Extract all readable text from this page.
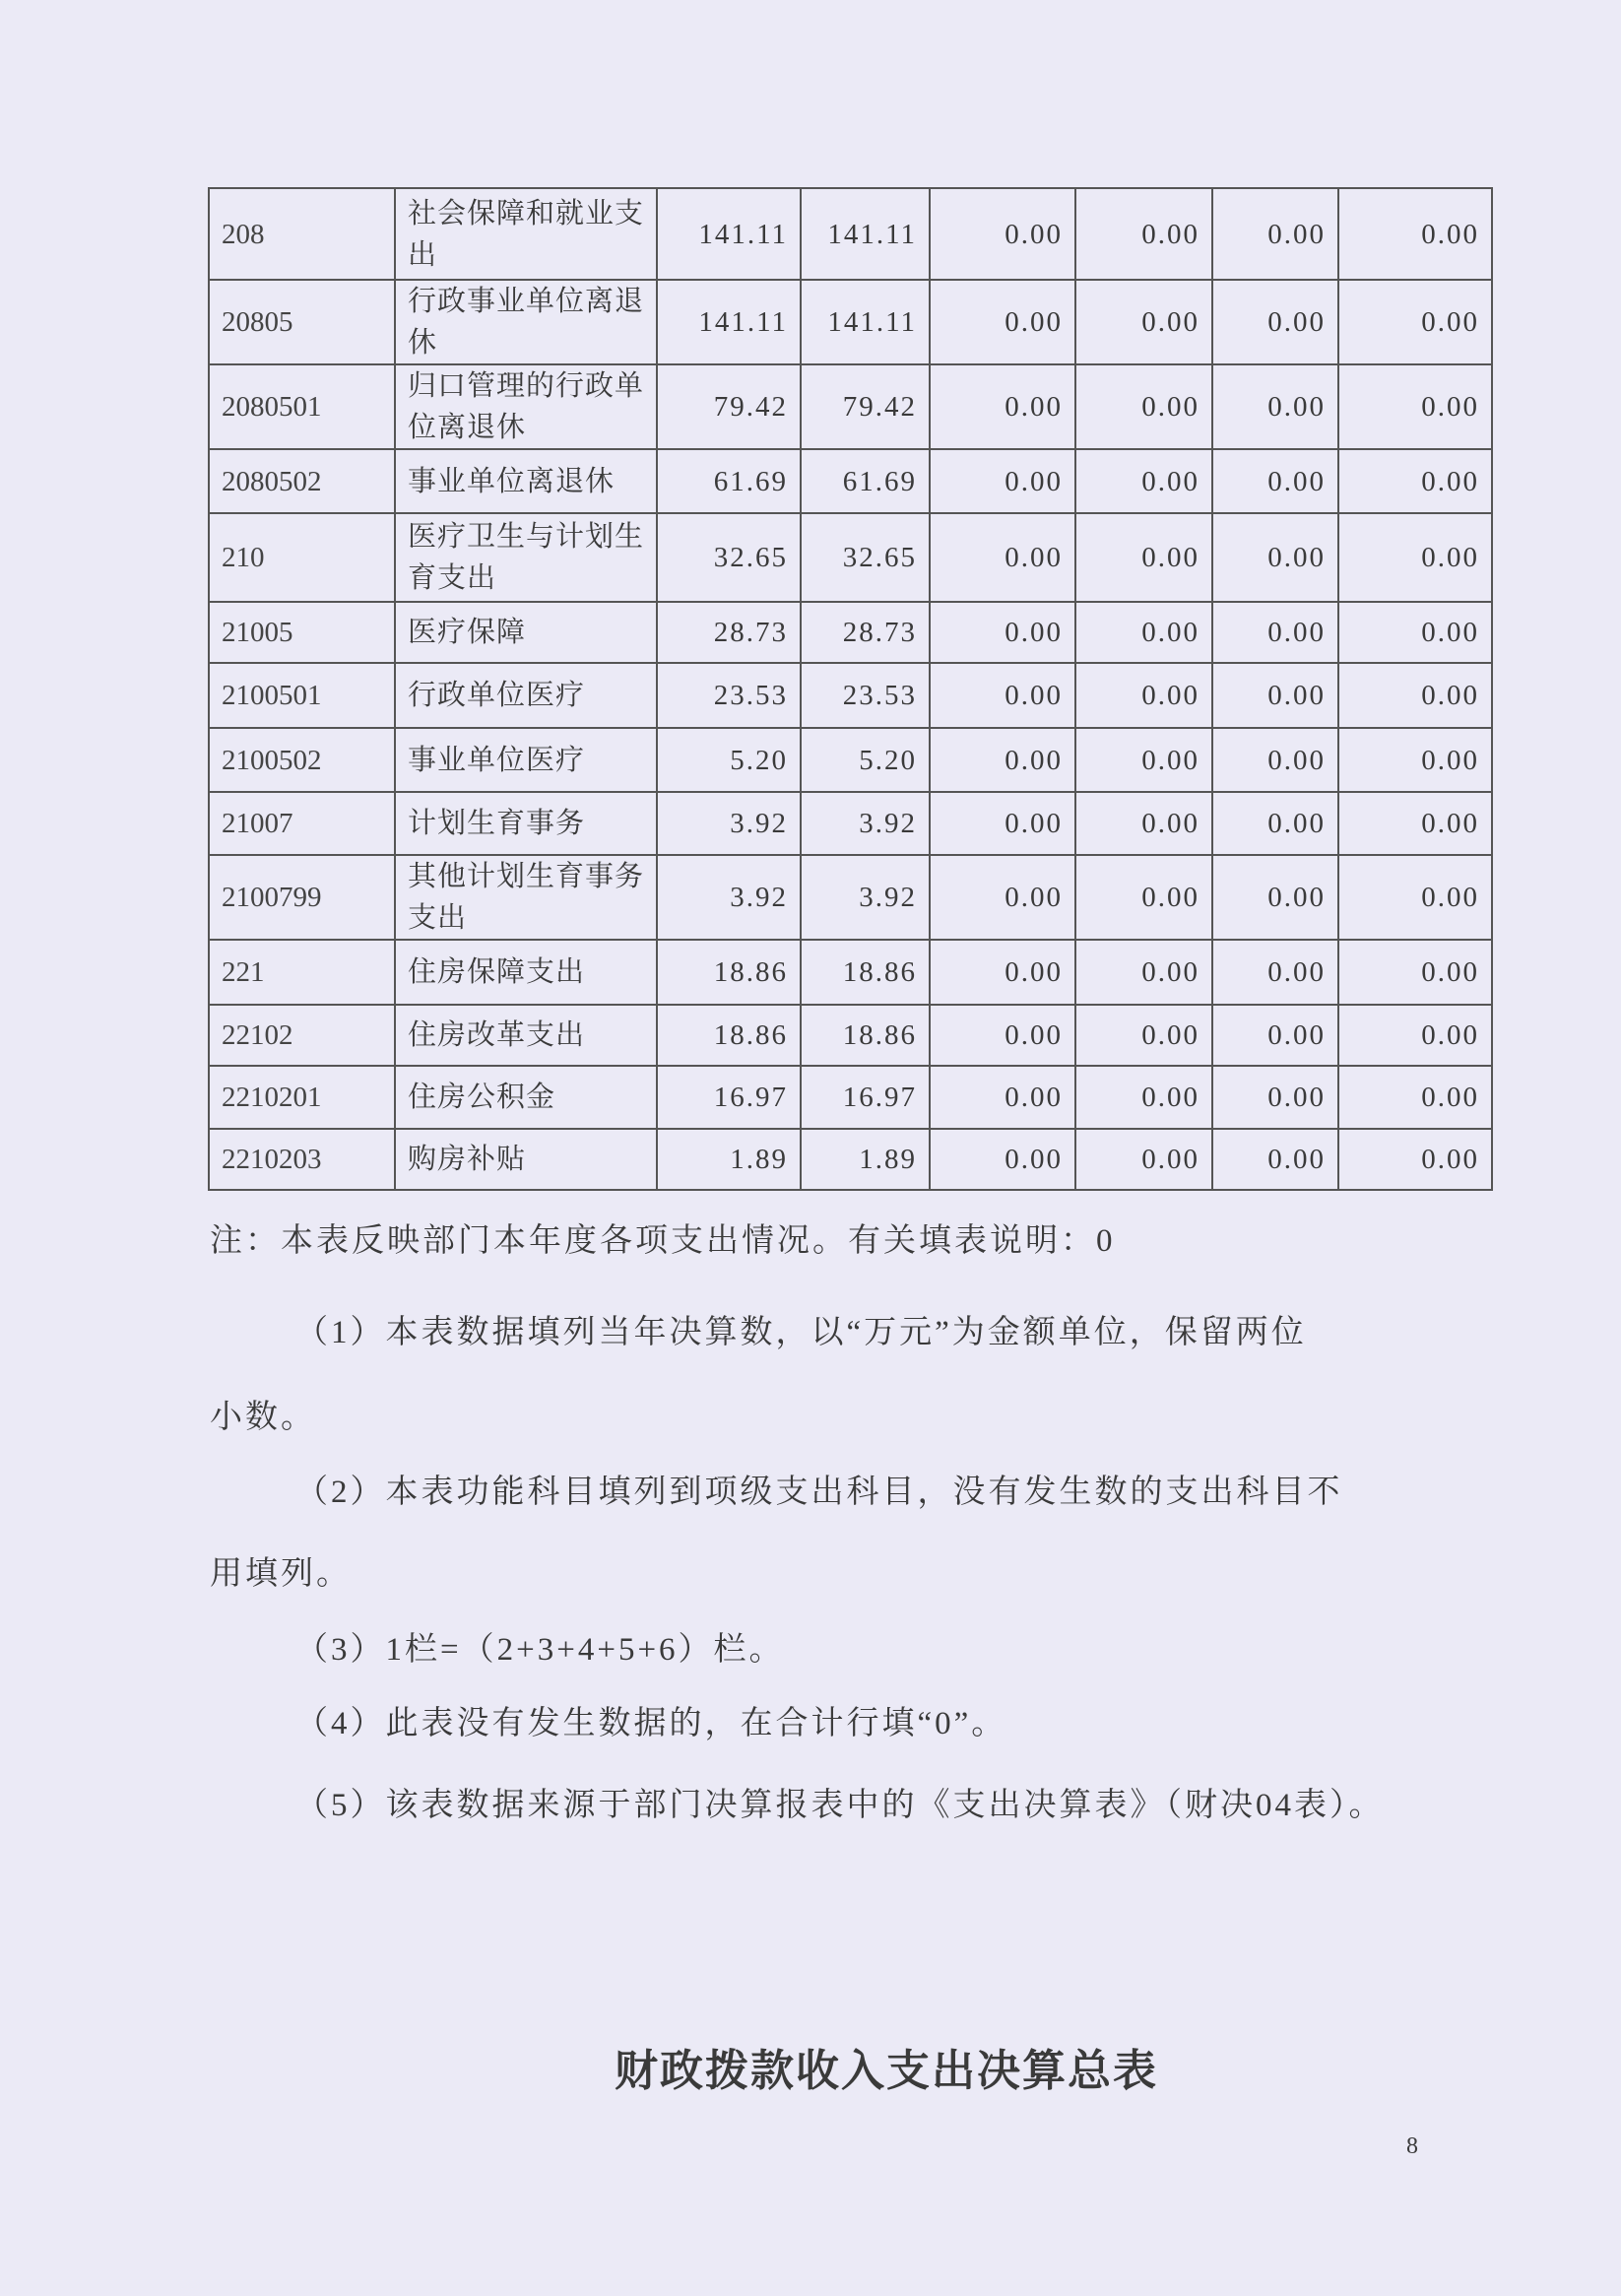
208	社会保障和就业支出	141.11	141.11	0.00	0.00	0.00	0.00
20805	行政事业单位离退休	141.11	141.11	0.00	0.00	0.00	0.00
2080501	归口管理的行政单位离退休	79.42	79.42	0.00	0.00	0.00	0.00
2080502	事业单位离退休	61.69	61.69	0.00	0.00	0.00	0.00
210	医疗卫生与计划生育支出	32.65	32.65	0.00	0.00	0.00	0.00
21005	医疗保障	28.73	28.73	0.00	0.00	0.00	0.00
2100501	行政单位医疗	23.53	23.53	0.00	0.00	0.00	0.00
2100502	事业单位医疗	5.20	5.20	0.00	0.00	0.00	0.00
21007	计划生育事务	3.92	3.92	0.00	0.00	0.00	0.00
2100799	其他计划生育事务支出	3.92	3.92	0.00	0.00	0.00	0.00
221	住房保障支出	18.86	18.86	0.00	0.00	0.00	0.00
22102	住房改革支出	18.86	18.86	0.00	0.00	0.00	0.00
2210201	住房公积金	16.97	16.97	0.00	0.00	0.00	0.00
2210203	购房补贴	1.89	1.89	0.00	0.00	0.00	0.00
注：本表反映部门本年度各项支出情况。有关填表说明：0
（1）本表数据填列当年决算数，以“万元”为金额单位，保留两位
小数。
（2）本表功能科目填列到项级支出科目，没有发生数的支出科目不
用填列。
（3）1栏=（2+3+4+5+6）栏。
（4）此表没有发生数据的，在合计行填“0”。
（5）该表数据来源于部门决算报表中的《支出决算表》（财决04表）。
财政拨款收入支出决算总表
8
